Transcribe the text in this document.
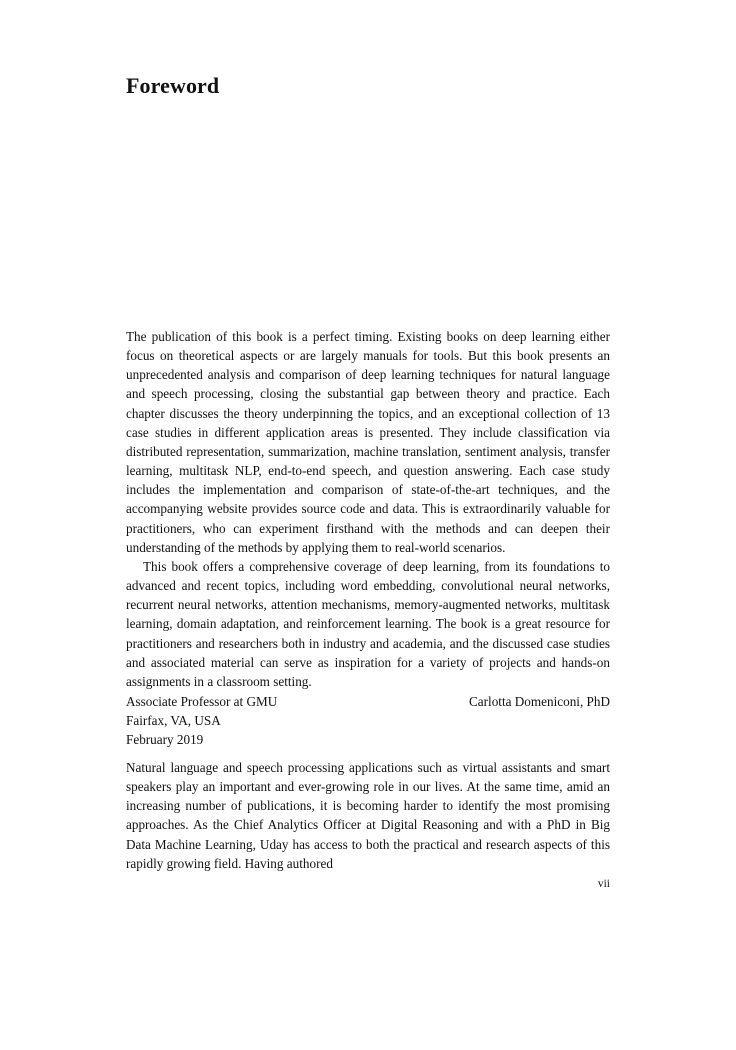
Foreword

The publication of this book is a perfect timing. Existing books on deep learning either focus on theoretical aspects or are largely manuals for tools. But this book presents an unprecedented analysis and comparison of deep learning techniques for natural language and speech processing, closing the substantial gap between theory and practice. Each chapter discusses the theory underpinning the topics, and an exceptional collection of 13 case studies in different application areas is presented. They include classification via distributed representation, summarization, machine translation, sentiment analysis, transfer learning, multitask NLP, end-to-end speech, and question answering. Each case study includes the implementation and comparison of state-of-the-art techniques, and the accompanying website provides source code and data. This is extraordinarily valuable for practitioners, who can experiment firsthand with the methods and can deepen their understanding of the methods by applying them to real-world scenarios.

This book offers a comprehensive coverage of deep learning, from its foundations to advanced and recent topics, including word embedding, convolutional neural networks, recurrent neural networks, attention mechanisms, memory-augmented networks, multitask learning, domain adaptation, and reinforcement learning. The book is a great resource for practitioners and researchers both in industry and academia, and the discussed case studies and associated material can serve as inspiration for a variety of projects and hands-on assignments in a classroom setting.

Associate Professor at GMU	Carlotta Domeniconi, PhD
Fairfax, VA, USA
February 2019

Natural language and speech processing applications such as virtual assistants and smart speakers play an important and ever-growing role in our lives. At the same time, amid an increasing number of publications, it is becoming harder to identify the most promising approaches. As the Chief Analytics Officer at Digital Reasoning and with a PhD in Big Data Machine Learning, Uday has access to both the practical and research aspects of this rapidly growing field. Having authored

vii
